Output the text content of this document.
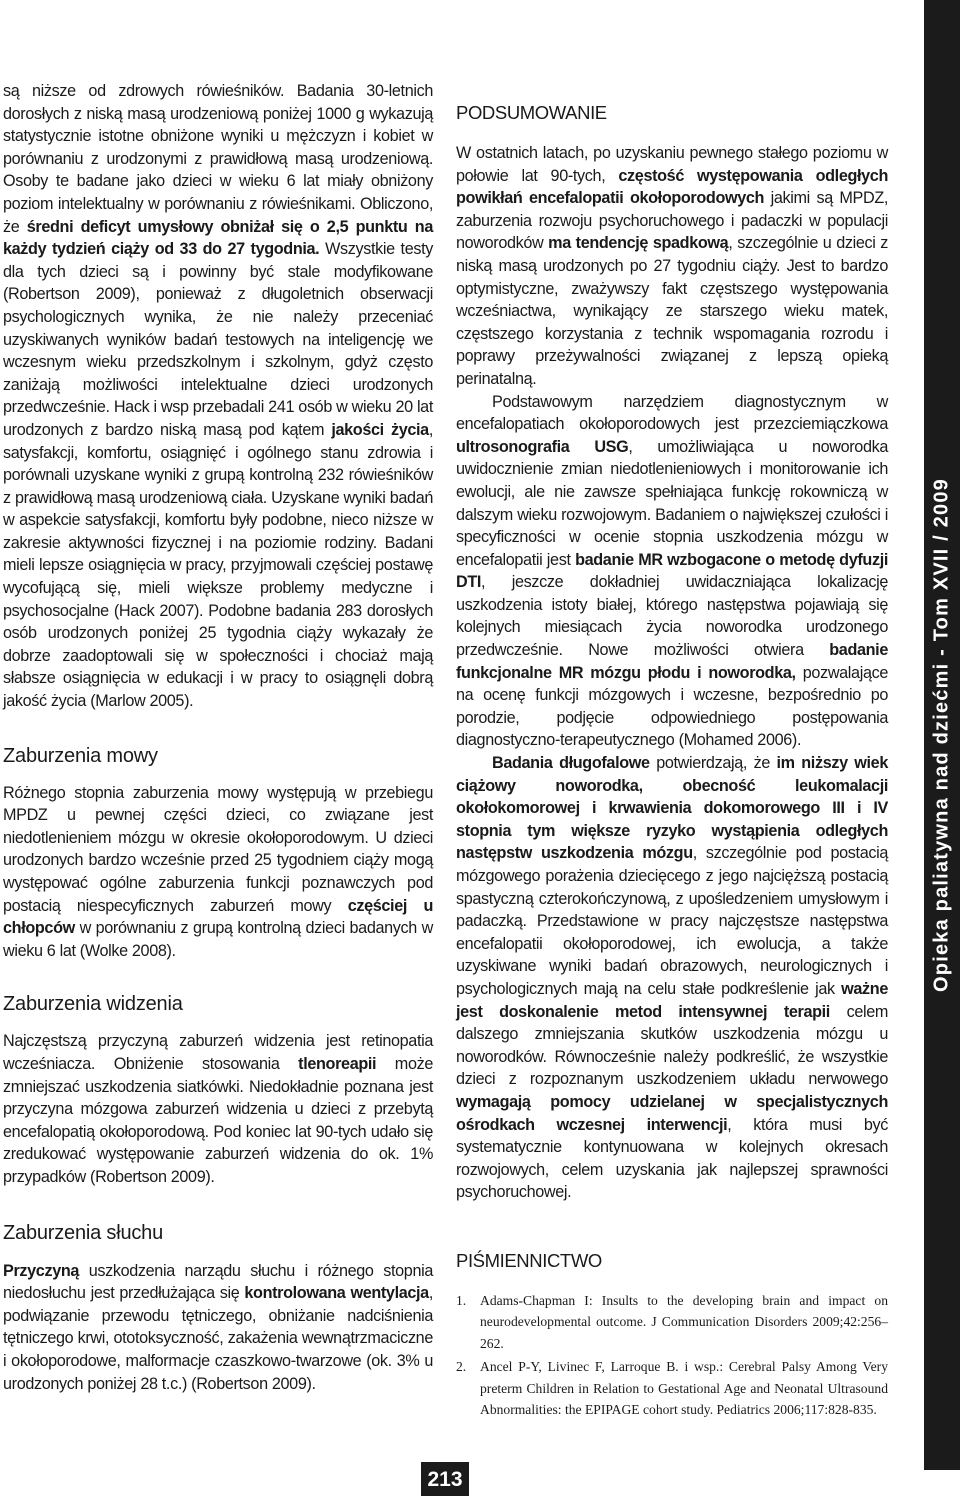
są niższe od zdrowych rówieśników. Badania 30-letnich dorosłych z niską masą urodzeniową poniżej 1000 g wykazują statystycznie istotne obniżone wyniki u mężczyzn i kobiet w porównaniu z urodzonymi z prawidłową masą urodzeniową. Osoby te badane jako dzieci w wieku 6 lat miały obniżony poziom intelektualny w porównaniu z rówieśnikami. Obliczono, że średni deficyt umysłowy obniżał się o 2,5 punktu na każdy tydzień ciąży od 33 do 27 tygodnia. Wszystkie testy dla tych dzieci są i powinny być stale modyfikowane (Robertson 2009), ponieważ z długoletnich obserwacji psychologicznych wynika, że nie należy przeceniać uzyskiwanych wyników badań testowych na inteligencję we wczesnym wieku przedszkolnym i szkolnym, gdyż często zaniżają możliwości intelektualne dzieci urodzonych przedwcześnie. Hack i wsp przebadali 241 osób w wieku 20 lat urodzonych z bardzo niską masą pod kątem jakości życia, satysfakcji, komfortu, osiągnięć i ogólnego stanu zdrowia i porównali uzyskane wyniki z grupą kontrolną 232 rówieśników z prawidłową masą urodzeniową ciała. Uzyskane wyniki badań w aspekcie satysfakcji, komfortu były podobne, nieco niższe w zakresie aktywności fizycznej i na poziomie rodziny. Badani mieli lepsze osiągnięcia w pracy, przyjmowali częściej postawę wycofującą się, mieli większe problemy medyczne i psychosocjalne (Hack 2007). Podobne badania 283 dorosłych osób urodzonych poniżej 25 tygodnia ciąży wykazały że dobrze zaadoptowali się w społeczności i chociaż mają słabsze osiągnięcia w edukacji i w pracy to osiągnęli dobrą jakość życia (Marlow 2005).

Zaburzenia mowy

Różnego stopnia zaburzenia mowy występują w przebiegu MPDZ u pewnej części dzieci, co związane jest niedotlenieniem mózgu w okresie okołoporodowym. U dzieci urodzonych bardzo wcześnie przed 25 tygodniem ciąży mogą występować ogólne zaburzenia funkcji poznawczych pod postacią niespecyficznych zaburzeń mowy częściej u chłopców w porównaniu z grupą kontrolną dzieci badanych w wieku 6 lat (Wolke 2008).

Zaburzenia widzenia

Najczęstszą przyczyną zaburzeń widzenia jest retinopatia wcześniacza. Obniżenie stosowania tlenoreapii może zmniejszać uszkodzenia siatkówki. Niedokładnie poznana jest przyczyna mózgowa zaburzeń widzenia u dzieci z przebytą encefalopatią okołoporodową. Pod koniec lat 90-tych udało się zredukować występowanie zaburzeń widzenia do ok. 1% przypadków (Robertson 2009).

Zaburzenia słuchu

Przyczyną uszkodzenia narządu słuchu i różnego stopnia niedosłuchu jest przedłużająca się kontrolowana wentylacja, podwiązanie przewodu tętniczego, obniżanie nadciśnienia tętniczego krwi, ototoksyczność, zakażenia wewnątrzmaciczne i okołoporodowe, malformacje czaszkowo-twarzowe (ok. 3% u urodzonych poniżej 28 t.c.) (Robertson 2009).

PODSUMOWANIE

W ostatnich latach, po uzyskaniu pewnego stałego poziomu w połowie lat 90-tych, częstość występowania odległych powikłań encefalopatii okołoporodowych jakimi są MPDZ, zaburzenia rozwoju psychoruchowego i padaczki w populacji noworodków ma tendencję spadkową, szczególnie u dzieci z niską masą urodzonych po 27 tygodniu ciąży. Jest to bardzo optymistyczne, zważywszy fakt częstszego występowania wcześniactwa, wynikający ze starszego wieku matek, częstszego korzystania z technik wspomagania rozrodu i poprawy przeżywalności związanej z lepszą opieką perinatalną.

Podstawowym narzędziem diagnostycznym w encefalopatiach okołoporodowych jest przezciemiączkowa ultrosonografia USG, umożliwiająca u noworodka uwidocznienie zmian niedotlenieniowych i monitorowanie ich ewolucji, ale nie zawsze spełniająca funkcję rokowniczą w dalszym wieku rozwojowym. Badaniem o największej czułości i specyficzności w ocenie stopnia uszkodzenia mózgu w encefalopatii jest badanie MR wzbogacone o metodę dyfuzji DTI, jeszcze dokładniej uwidaczniająca lokalizację uszkodzenia istoty białej, którego następstwa pojawiają się kolejnych miesiącach życia noworodka urodzonego przedwcześnie. Nowe możliwości otwiera badanie funkcjonalne MR mózgu płodu i noworodka, pozwalające na ocenę funkcji mózgowych i wczesne, bezpośrednio po porodzie, podjęcie odpowiedniego postępowania diagnostyczno-terapeutycznego (Mohamed 2006).

Badania długofalowe potwierdzają, że im niższy wiek ciążowy noworodka, obecność leukomalacji okołokomorowej i krwawienia dokomorowego III i IV stopnia tym większe ryzyko wystąpienia odległych następstw uszkodzenia mózgu, szczególnie pod postacią mózgowego porażenia dziecięcego z jego najcięższą postacią spastyczną czterokończynową, z upośledzeniem umysłowym i padaczką. Przedstawione w pracy najczęstsze następstwa encefalopatii okołoporodowej, ich ewolucja, a także uzyskiwane wyniki badań obrazowych, neurologicznych i psychologicznych mają na celu stałe podkreślenie jak ważne jest doskonalenie metod intensywnej terapii celem dalszego zmniejszania skutków uszkodzenia mózgu u noworodków. Równocześnie należy podkreślić, że wszystkie dzieci z rozpoznanym uszkodzeniem układu nerwowego wymagają pomocy udzielanej w specjalistycznych ośrodkach wczesnej interwencji, która musi być systematycznie kontynuowana w kolejnych okresach rozwojowych, celem uzyskania jak najlepszej sprawności psychoruchowej.

PIŚMIENNICTWO
1. Adams-Chapman I: Insults to the developing brain and impact on neurodevelopmental outcome. J Communication Disorders 2009;42:256–262.
2. Ancel P-Y, Livinec F, Larroque B. i wsp.: Cerebral Palsy Among Very preterm Children in Relation to Gestational Age and Neonatal Ultrasound Abnormalities: the EPIPAGE cohort study. Pediatrics 2006;117:828-835.
Opieka paliatywna nad dziećmi - Tom XVII / 2009
213
